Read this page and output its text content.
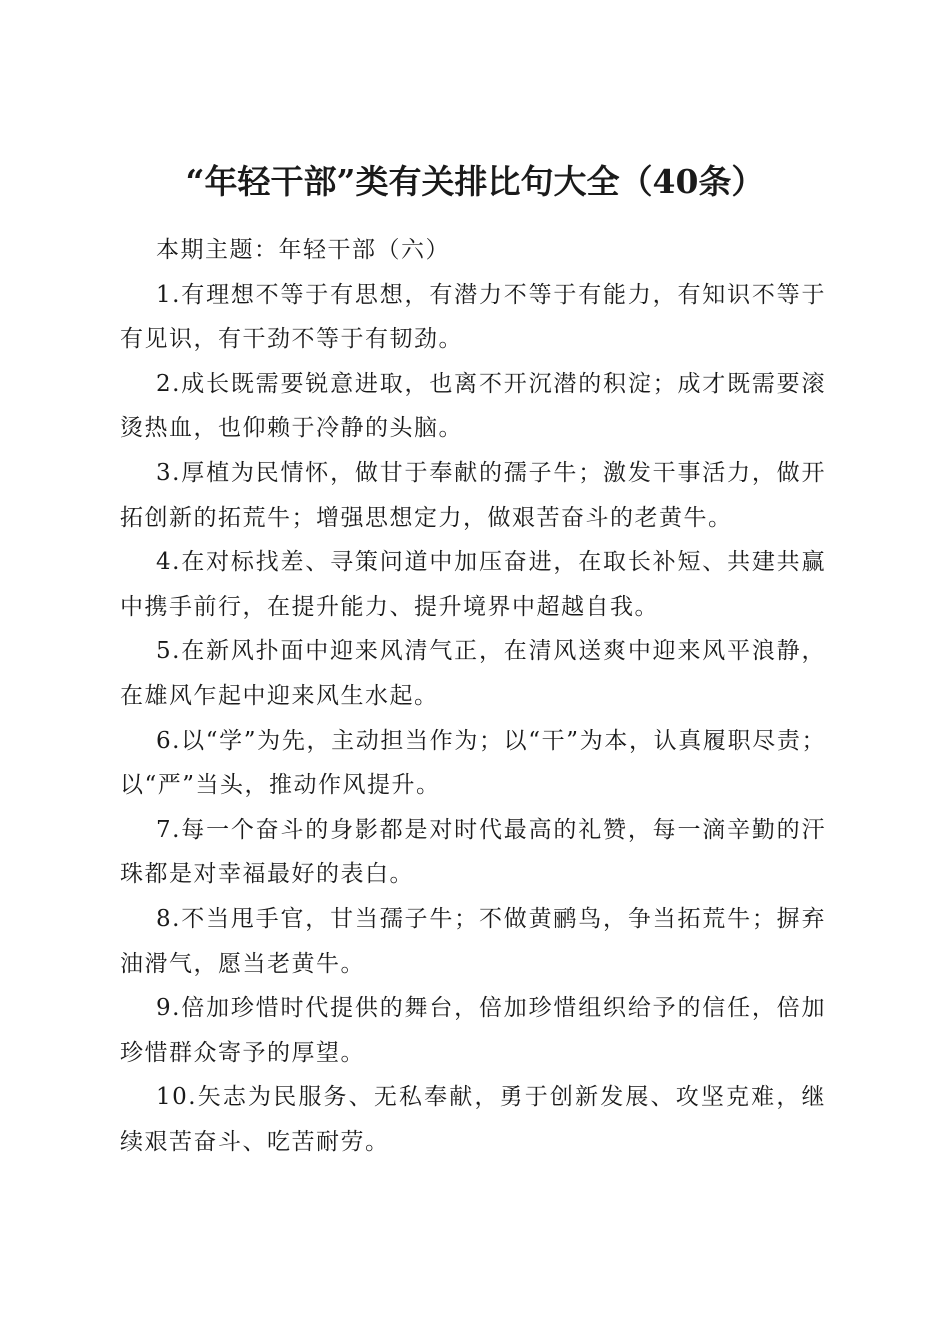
“年轻干部”类有关排比句大全（40条）

本期主题：年轻干部（六）

1.有理想不等于有思想，有潜力不等于有能力，有知识不等于有见识，有干劲不等于有韧劲。

2.成长既需要锐意进取，也离不开沉潜的积淀；成才既需要滚烫热血，也仰赖于冷静的头脑。

3.厚植为民情怀，做甘于奉献的孺子牛；激发干事活力，做开拓创新的拓荒牛；增强思想定力，做艰苦奋斗的老黄牛。

4.在对标找差、寻策问道中加压奋进，在取长补短、共建共赢中携手前行，在提升能力、提升境界中超越自我。

5.在新风扑面中迎来风清气正，在清风送爽中迎来风平浪静，在雄风乍起中迎来风生水起。

6.以“学”为先，主动担当作为；以“干”为本，认真履职尽责；以“严”当头，推动作风提升。

7.每一个奋斗的身影都是对时代最高的礼赞，每一滴辛勤的汗珠都是对幸福最好的表白。

8.不当甩手官，甘当孺子牛；不做黄鹂鸟，争当拓荒牛；摒弃油滑气，愿当老黄牛。

9.倍加珍惜时代提供的舞台，倍加珍惜组织给予的信任，倍加珍惜群众寄予的厚望。

10.矢志为民服务、无私奉献，勇于创新发展、攻坚克难，继续艰苦奋斗、吃苦耐劳。
